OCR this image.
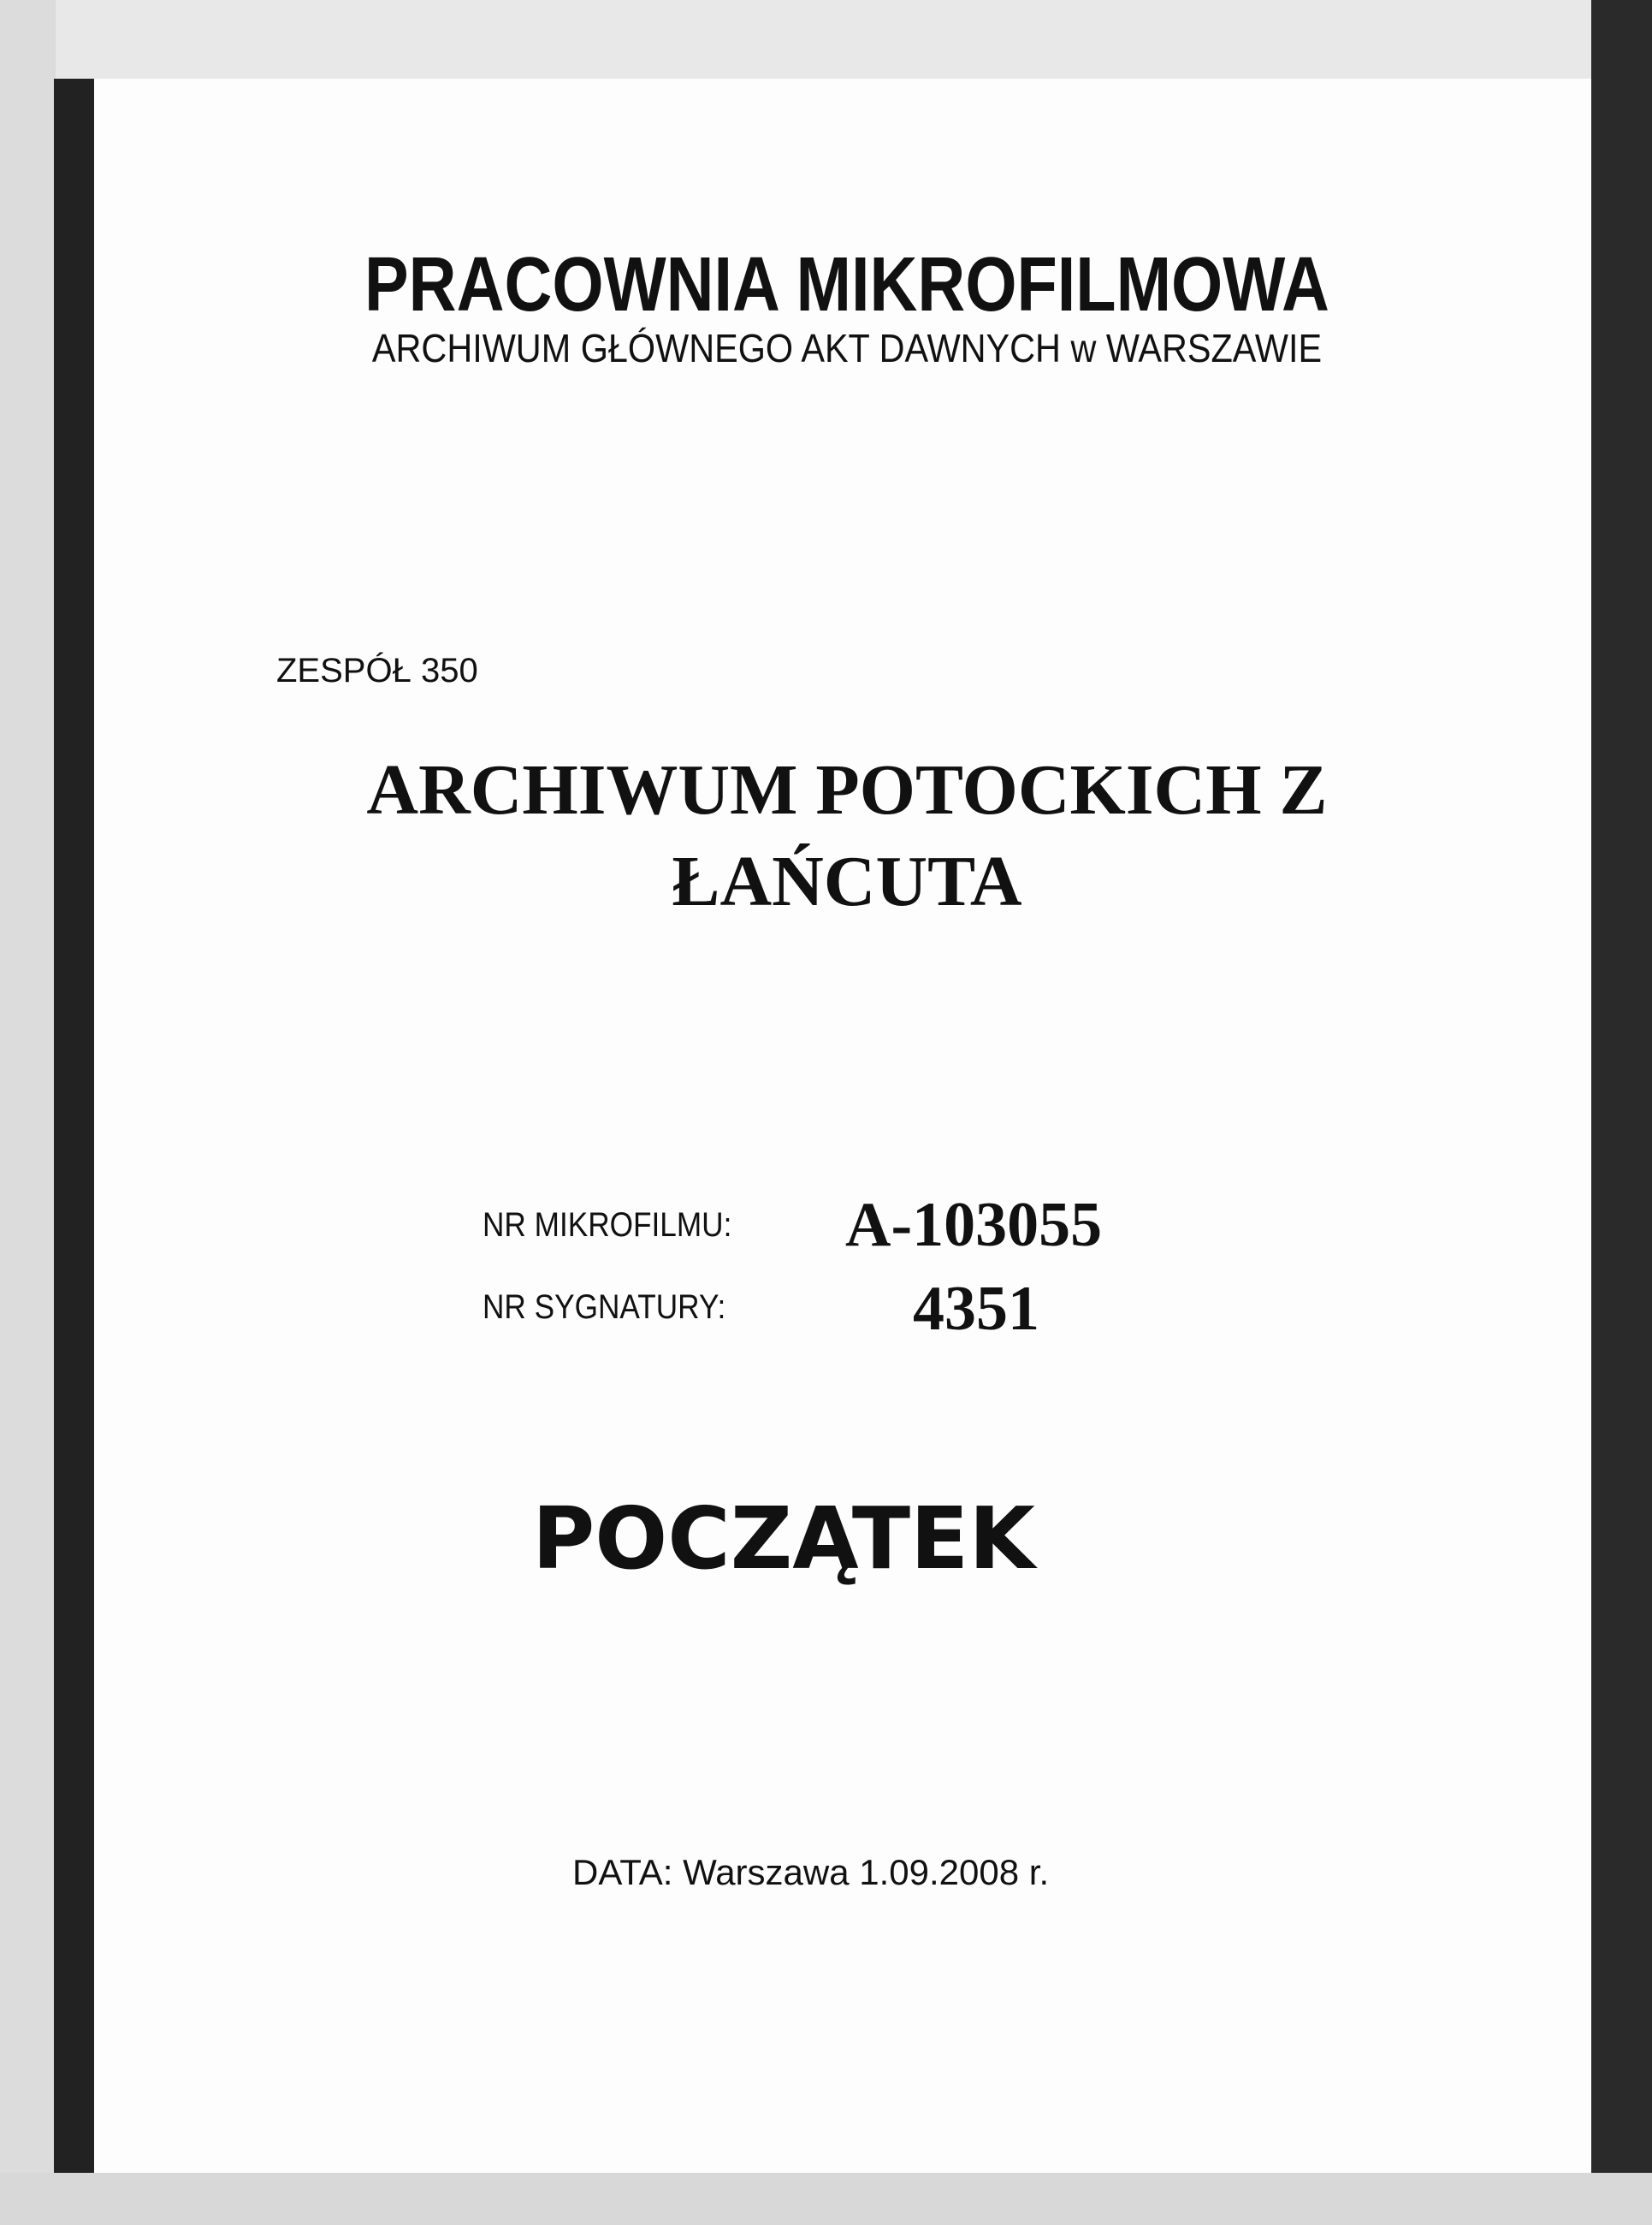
PRACOWNIA MIKROFILMOWA
ARCHIWUM GŁÓWNEGO AKT DAWNYCH w WARSZAWIE
ZESPÓŁ 350
ARCHIWUM POTOCKICH Z
ŁAŃCUTA
NR MIKROFILMU: A-103055
NR SYGNATURY:	4351
POCZĄTEK
DATA: Warszawa 1.09.2008 r.
